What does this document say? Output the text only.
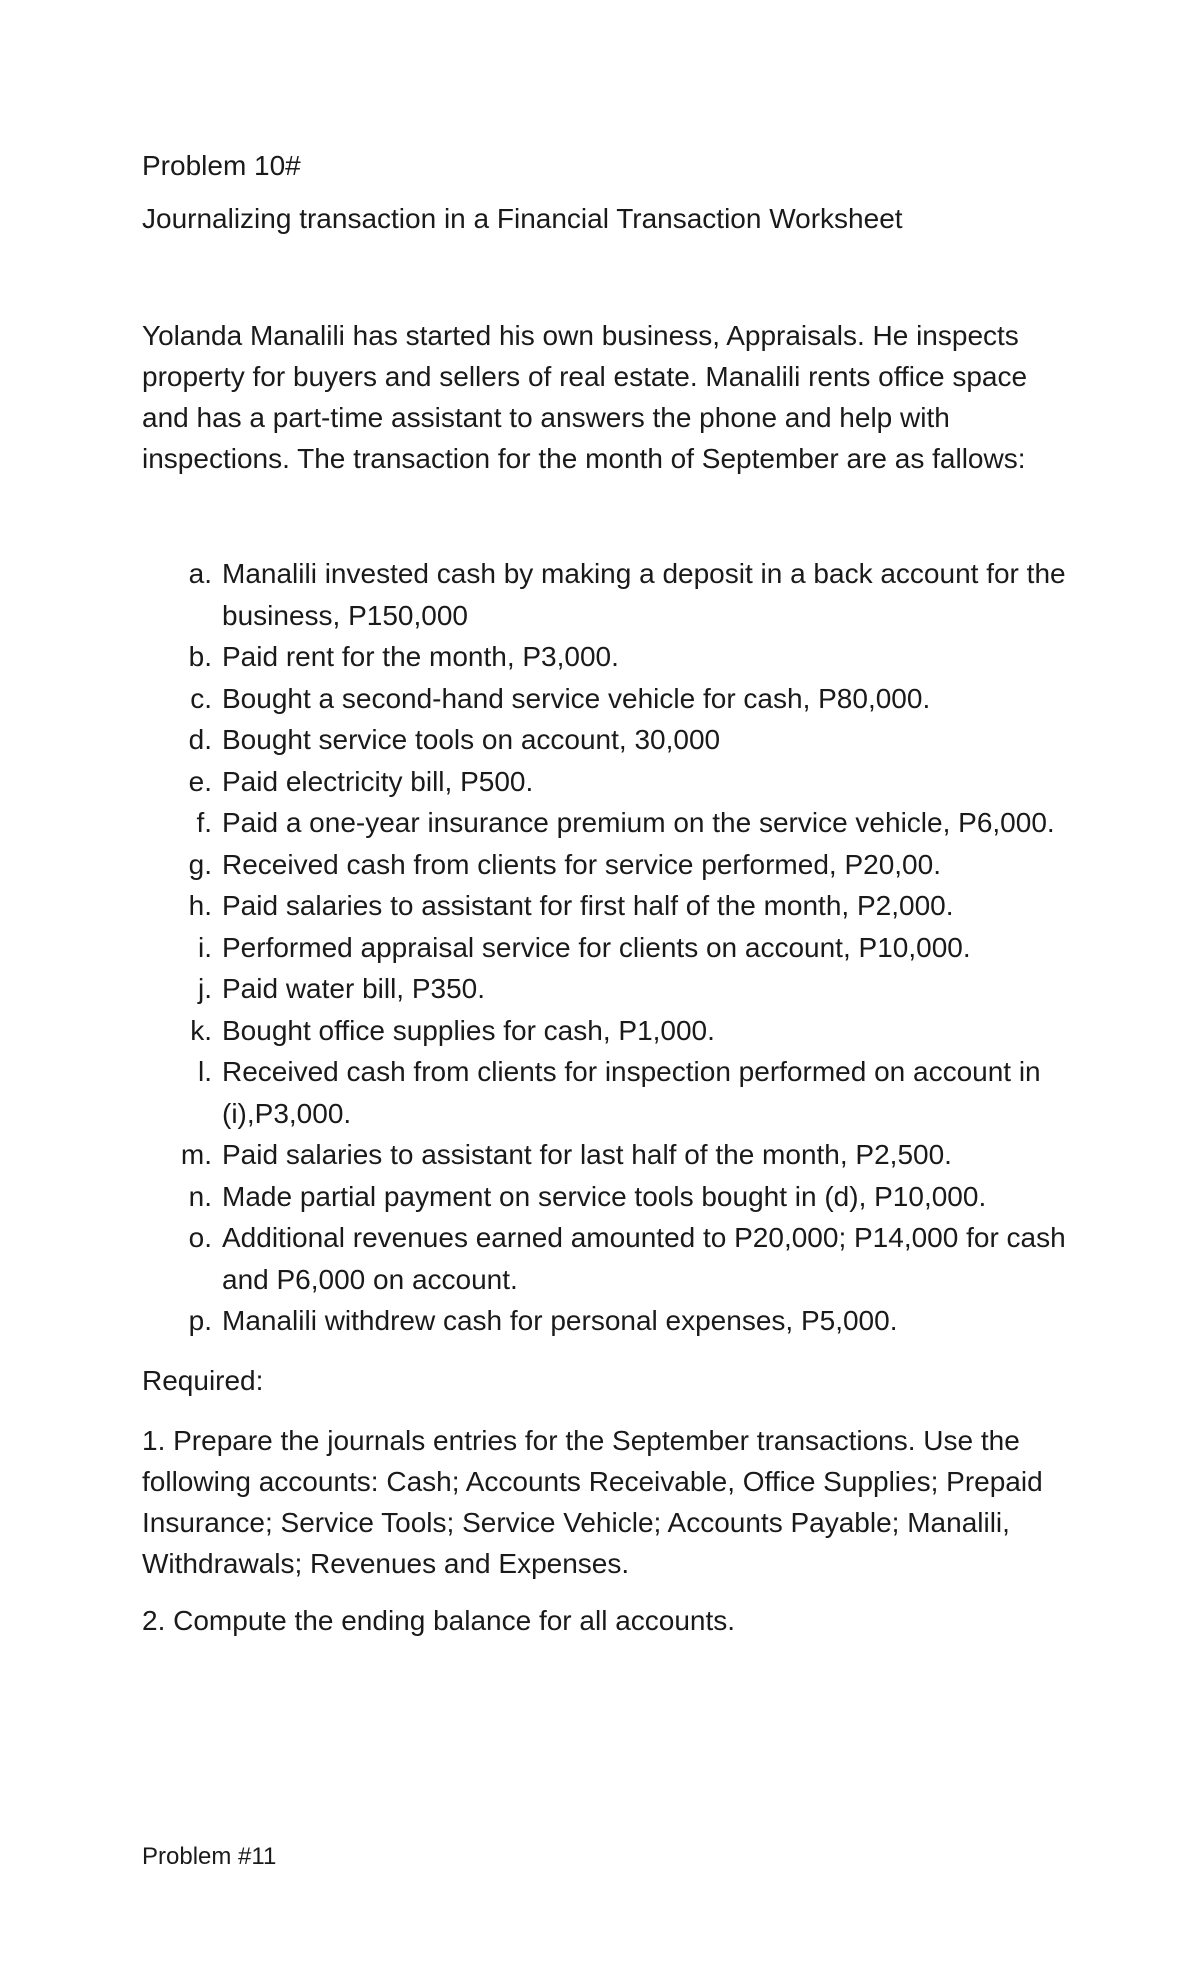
Problem 10#

Journalizing transaction in a Financial Transaction Worksheet

Yolanda Manalili has started his own business, Appraisals. He inspects property for buyers and sellers of real estate. Manalili rents office space and has a part-time assistant to answers the phone and help with inspections. The transaction for the month of September are as fallows:

a. Manalili invested cash by making a deposit in a back account for the business, P150,000
b. Paid rent for the month, P3,000.
c. Bought a second-hand service vehicle for cash, P80,000.
d. Bought service tools on account, 30,000
e. Paid electricity bill, P500.
f. Paid a one-year insurance premium on the service vehicle, P6,000.
g. Received cash from clients for service performed, P20,00.
h. Paid salaries to assistant for first half of the month, P2,000.
i. Performed appraisal service for clients on account, P10,000.
j. Paid water bill, P350.
k. Bought office supplies for cash, P1,000.
l. Received cash from clients for inspection performed on account in (i),P3,000.
m. Paid salaries to assistant for last half of the month, P2,500.
n. Made partial payment on service tools bought in (d), P10,000.
o. Additional revenues earned amounted to P20,000; P14,000 for cash and P6,000 on account.
p. Manalili withdrew cash for personal expenses, P5,000.

Required:

1. Prepare the journals entries for the September transactions. Use the following accounts: Cash; Accounts Receivable, Office Supplies; Prepaid Insurance; Service Tools; Service Vehicle; Accounts Payable; Manalili, Withdrawals; Revenues and Expenses.

2. Compute the ending balance for all accounts.

Problem #11
